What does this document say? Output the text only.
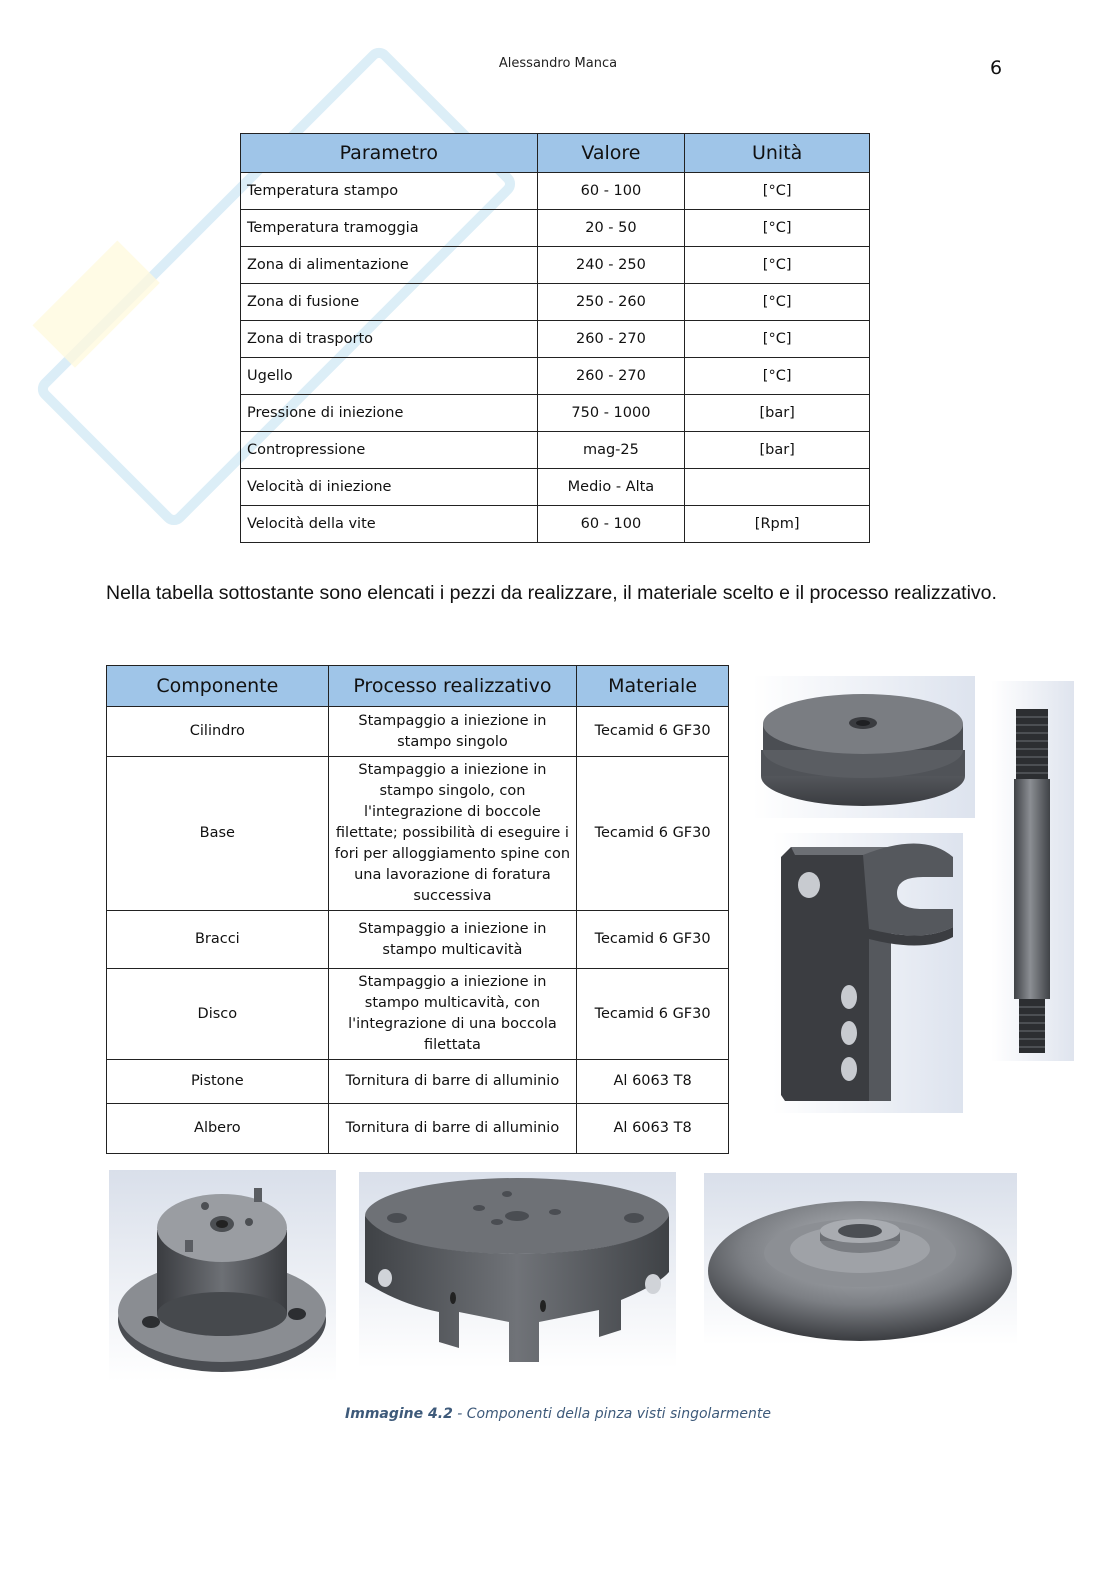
Alessandro Manca	6
Parametro	Valore	Unità
Temperatura stampo	60 - 100	[°C]
Temperatura tramoggia	20 - 50	[°C]
Zona di alimentazione	240 - 250	[°C]
Zona di fusione	250 - 260	[°C]
Zona di trasporto	260 - 270	[°C]
Ugello	260 - 270	[°C]
Pressione di iniezione	750 - 1000	[bar]
Contropressione	mag-25	[bar]
Velocità di iniezione	Medio - Alta	
Velocità della vite	60 - 100	[Rpm]
Nella tabella sottostante sono elencati i pezzi da realizzare, il materiale scelto e il processo realizzativo.
Componente	Processo realizzativo	Materiale
Cilindro	Stampaggio a iniezione in stampo singolo	Tecamid 6 GF30
Base	Stampaggio a iniezione in stampo singolo, con l'integrazione di boccole filettate; possibilità di eseguire i fori per alloggiamento spine con una lavorazione di foratura successiva	Tecamid 6 GF30
Bracci	Stampaggio a iniezione in stampo multicavità	Tecamid 6 GF30
Disco	Stampaggio a iniezione in stampo multicavità, con l'integrazione di una boccola filettata	Tecamid 6 GF30
Pistone	Tornitura di barre di alluminio	Al 6063 T8
Albero	Tornitura di barre di alluminio	Al 6063 T8
Immagine 4.2 - Componenti della pinza visti singolarmente
